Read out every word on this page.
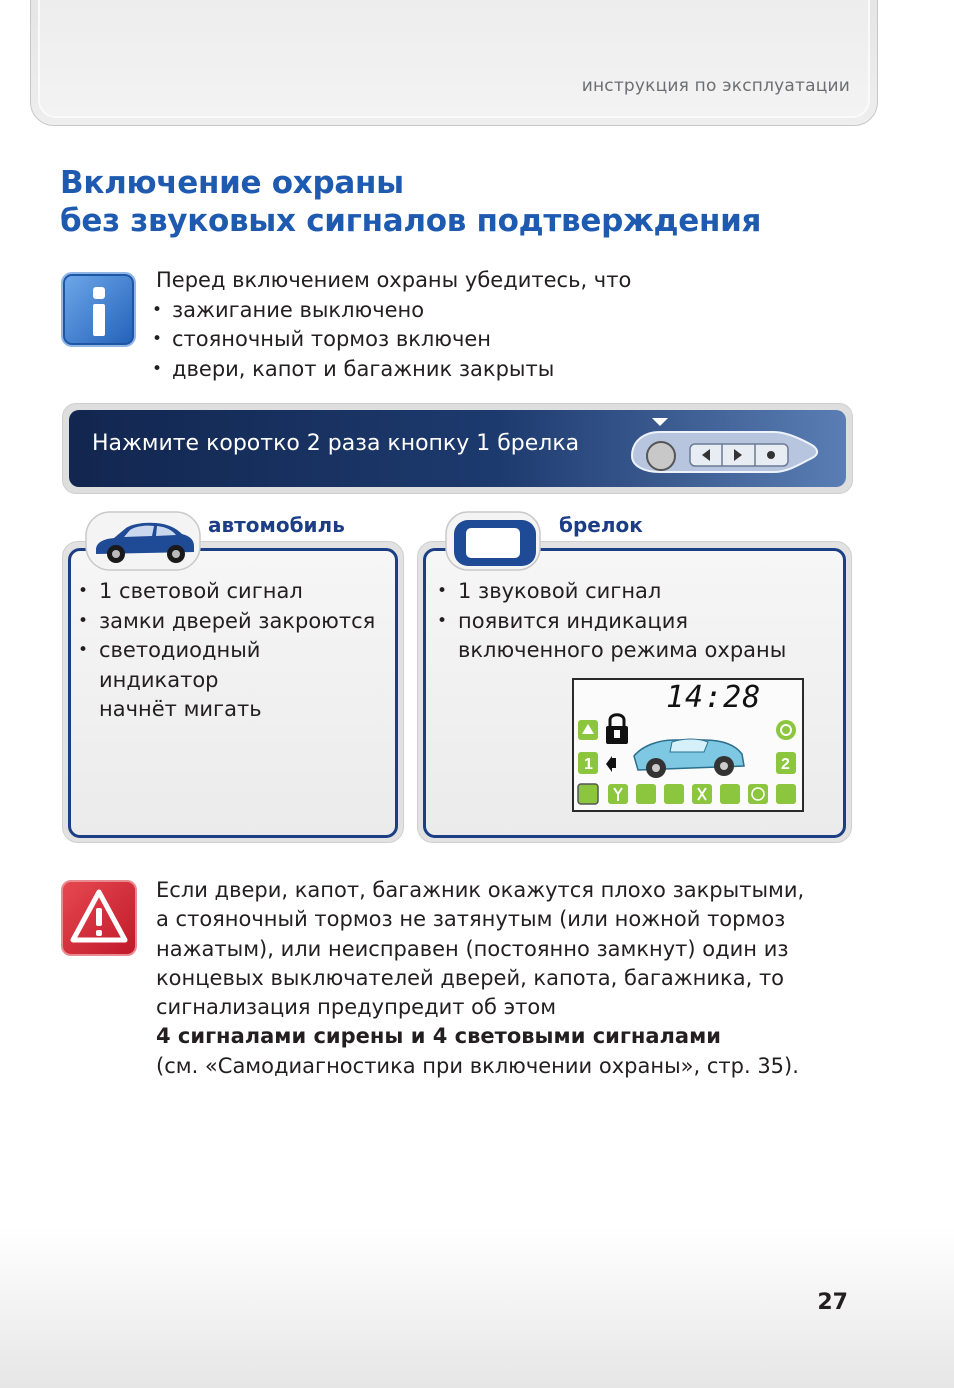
инструкция по эксплуатации
Включение охраны
без звуковых сигналов подтверждения
Перед включением охраны убедитесь, что
• зажигание выключено
• стояночный тормоз включен
• двери, капот и багажник закрыты
Нажмите коротко 2 раза кнопку 1 брелка
автомобиль
• 1 световой сигнал
• замки дверей закроются
• светодиодный
индикатор
начнёт мигать
брелок
• 1 звуковой сигнал
• появится индикация
включенного режима охраны
14:28
1	2
Если двери, капот, багажник окажутся плохо закрытыми,
а стояночный тормоз не затянутым (или ножной тормоз
нажатым), или неисправен (постоянно замкнут) один из
концевых выключателей дверей, капота, багажника, то
сигнализация предупредит об этом
4 сигналами сирены и 4 световыми сигналами
(см. «Самодиагностика при включении охраны», стр. 35).
27
